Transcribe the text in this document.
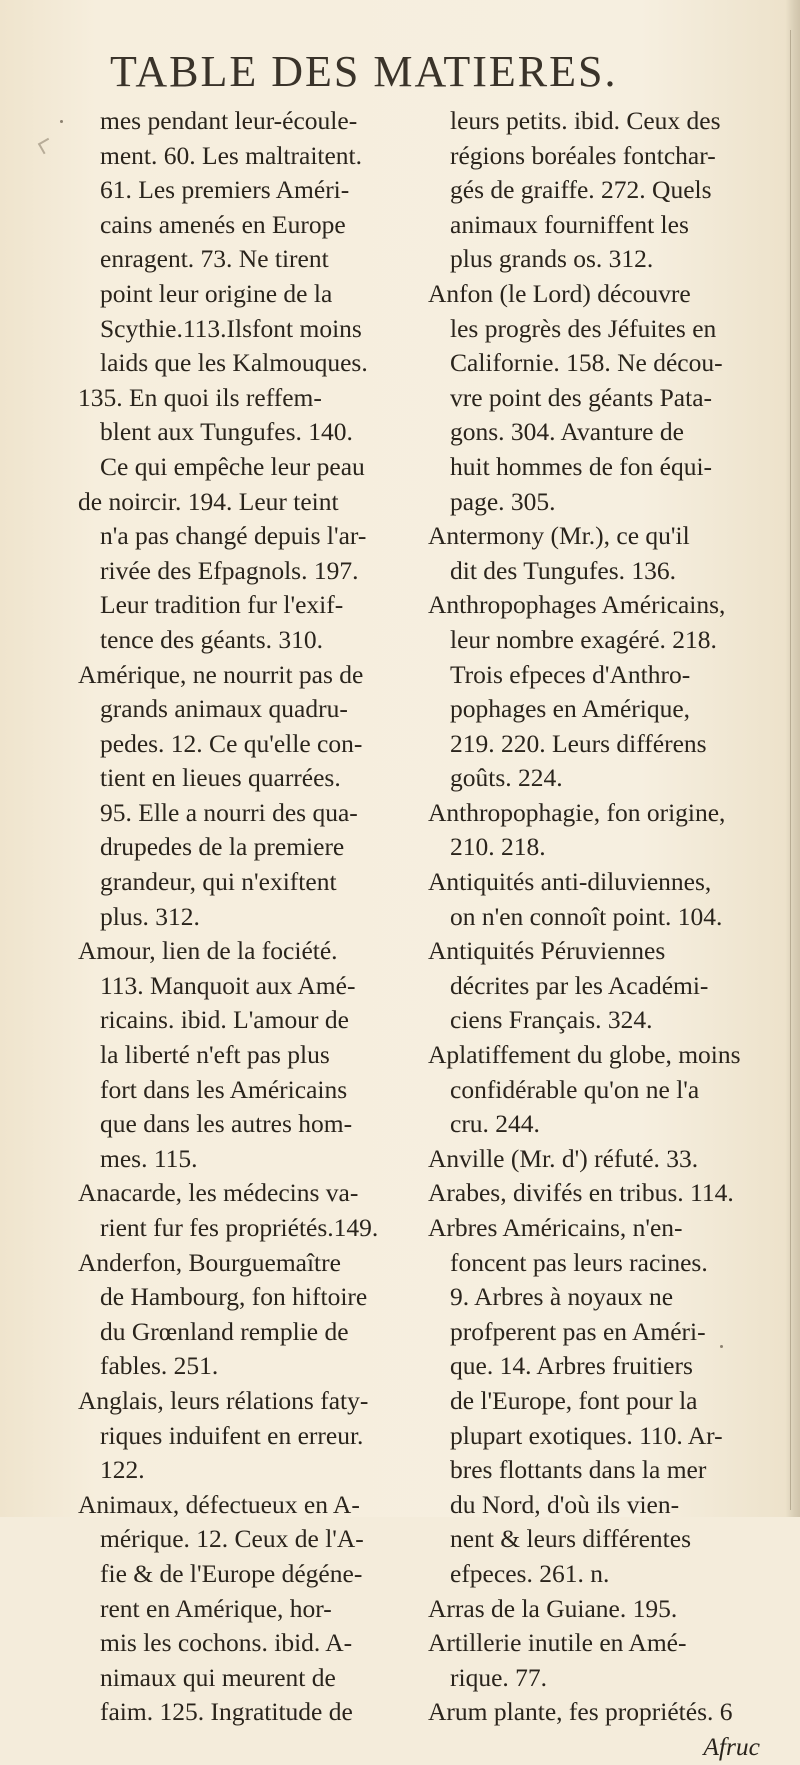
TABLE DES MATIERES.
mes pendant leur-écoule-
ment. 60. Les maltraitent.
61. Les premiers Améri-
cains amenés en Europe
enragent. 73. Ne tirent
point leur origine de la
Scythie.113.Ilsfont moins
laids que les Kalmouques.
135. En quoi ils reffem-
blent aux Tungufes. 140.
Ce qui empêche leur peau
de noircir. 194. Leur teint
n'a pas changé depuis l'ar-
rivée des Efpagnols. 197.
Leur tradition fur l'exif-
tence des géants. 310.
Amérique, ne nourrit pas de
grands animaux quadru-
pedes. 12. Ce qu'elle con-
tient en lieues quarrées.
95. Elle a nourri des qua-
drupedes de la premiere
grandeur, qui n'exiftent
plus. 312.
Amour, lien de la fociété.
113. Manquoit aux Amé-
ricains. ibid. L'amour de
la liberté n'eft pas plus
fort dans les Américains
que dans les autres hom-
mes. 115.
Anacarde, les médecins va-
rient fur fes propriétés.149.
Anderfon, Bourguemaître
de Hambourg, fon hiftoire
du Grœnland remplie de
fables. 251.
Anglais, leurs rélations faty-
riques induifent en erreur.
122.
Animaux, défectueux en A-
mérique. 12. Ceux de l'A-
fie & de l'Europe dégéne-
rent en Amérique, hor-
mis les cochons. ibid. A-
nimaux qui meurent de
faim. 125. Ingratitude de
leurs petits. ibid. Ceux des
régions boréales fontchar-
gés de graiffe. 272. Quels
animaux fourniffent les
plus grands os. 312.
Anfon (le Lord) découvre
les progrès des Jéfuites en
Californie. 158. Ne décou-
vre point des géants Pata-
gons. 304. Avanture de
huit hommes de fon équi-
page. 305.
Antermony (Mr.), ce qu'il
dit des Tungufes. 136.
Anthropophages Américains,
leur nombre exagéré. 218.
Trois efpeces d'Anthro-
pophages en Amérique,
219. 220. Leurs différens
goûts. 224.
Anthropophagie, fon origine,
210. 218.
Antiquités anti-diluviennes,
on n'en connoît point. 104.
Antiquités Péruviennes
décrites par les Académi-
ciens Français. 324.
Aplatiffement du globe, moins
confidérable qu'on ne l'a
cru. 244.
Anville (Mr. d') réfuté. 33.
Arabes, divifés en tribus. 114.
Arbres Américains, n'en-
foncent pas leurs racines.
9. Arbres à noyaux ne
profperent pas en Améri-
que. 14. Arbres fruitiers
de l'Europe, font pour la
plupart exotiques. 110. Ar-
bres flottants dans la mer
du Nord, d'où ils vien-
nent & leurs différentes
efpeces. 261. n.
Arras de la Guiane. 195.
Artillerie inutile en Amé-
rique. 77.
Arum plante, fes propriétés. 6
Afruc
